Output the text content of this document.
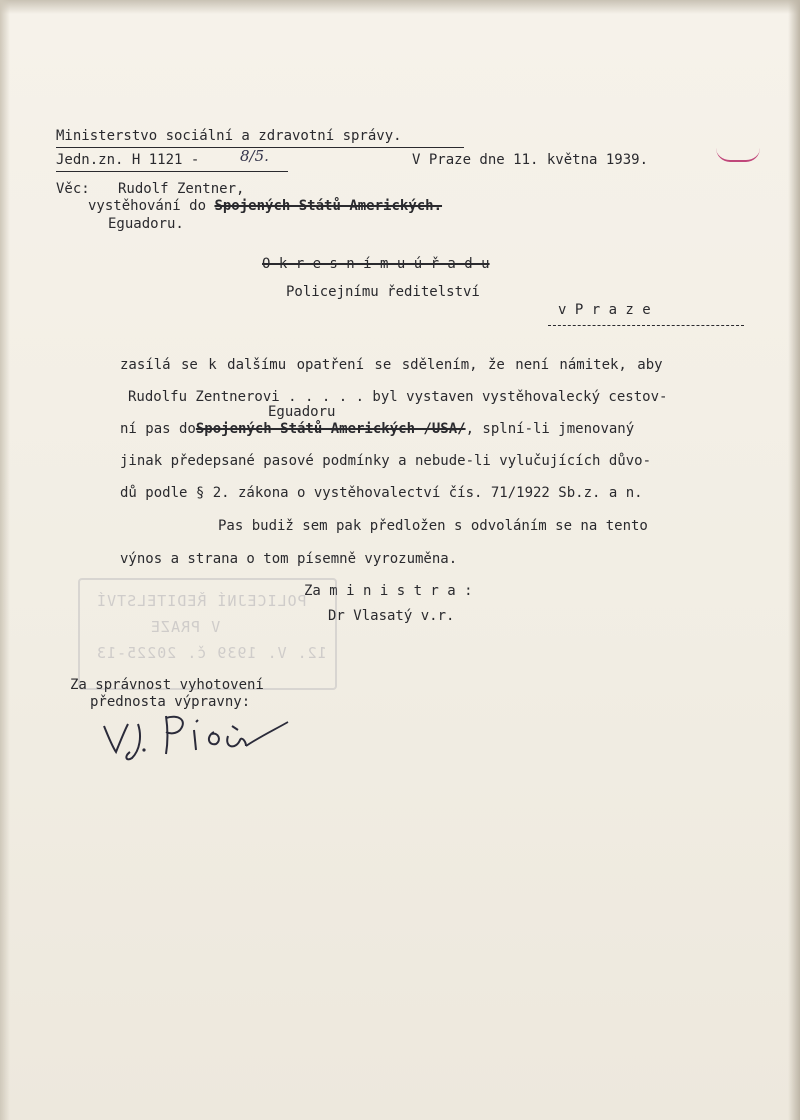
Ministerstvo sociální a zdravotní správy.
Jedn.zn. H 1121 -	8/5.	V Praze dne 11. května 1939.
Věc: Rudolf Zentner,
vystěhování do Spojených Států Amerických.
Eguadoru.
O k r e s n í m u ú ř a d u
Policejnímu ředitelství
v P r a z e
zasílá se k dalšímu opatření se sdělením, že není námitek, aby
Rudolfu Zentnerovi . . . . . byl vystaven vystěhovalecký cestov-
Eguadoru
ní pas doSpojených Států Amerických /USA/, splní-li jmenovaný
jinak předepsané pasové podmínky a nebude-li vylučujících důvo-
dů podle § 2. zákona o vystěhovalectví čís. 71/1922 Sb.z. a n.
Pas budiž sem pak předložen s odvoláním se na tento
výnos a strana o tom písemně vyrozuměna.
Za m i n i s t r a :
Dr Vlasatý v.r.
POLICEJNÍ ŘEDITELSTVÍ
V PRAZE
12. V. 1939 č. 20225-13
Za správnost vyhotovení
přednosta výpravny:
v.z. Píša
